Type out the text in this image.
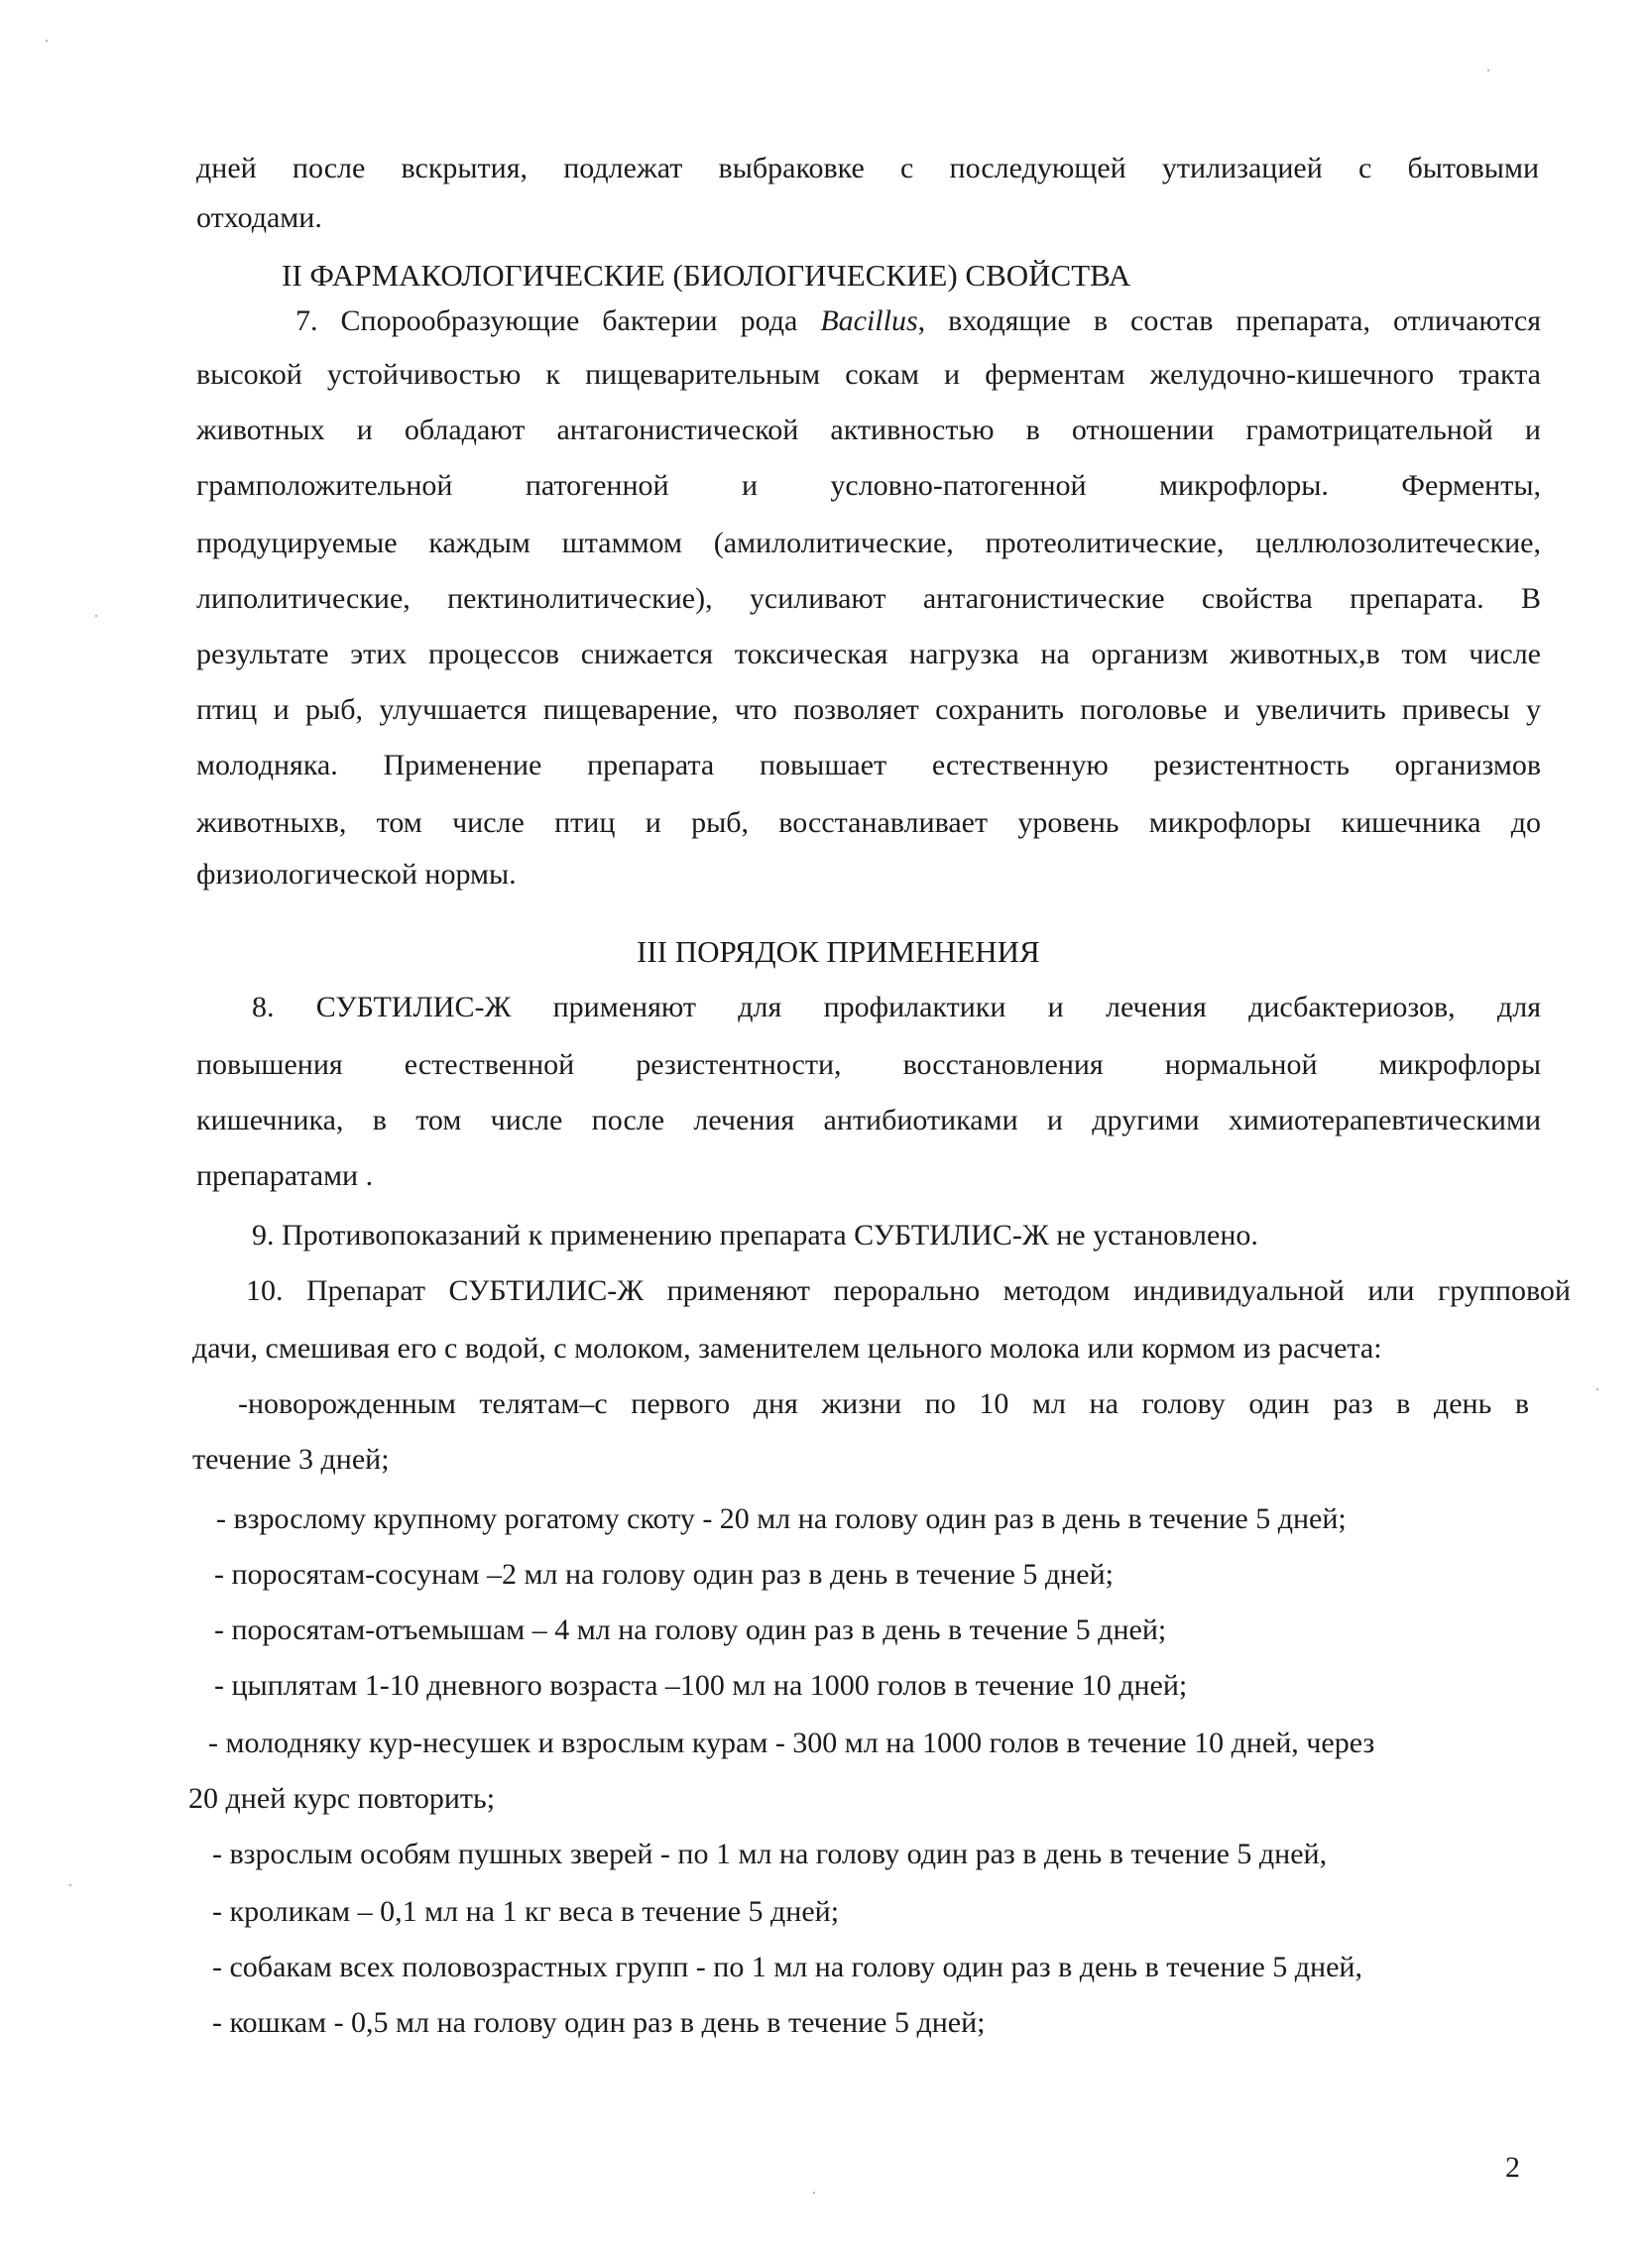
дней после вскрытия, подлежат выбраковке с последующей утилизацией с бытовыми
отходами.
II ФАРМАКОЛОГИЧЕСКИЕ (БИОЛОГИЧЕСКИЕ) СВОЙСТВА
7. Спорообразующие бактерии рода Bacillus, входящие в состав препарата, отличаются
высокой устойчивостью к пищеварительным сокам и ферментам желудочно-кишечного тракта
животных и обладают антагонистической активностью в отношении грамотрицательной и
грамположительной патогенной и условно-патогенной микрофлоры. Ферменты,
продуцируемые каждым штаммом (амилолитические, протеолитические, целлюлозолитеческие,
липолитические, пектинолитические), усиливают антагонистические свойства препарата. В
результате этих процессов снижается токсическая нагрузка на организм животных,в том числе
птиц и рыб, улучшается пищеварение, что позволяет сохранить поголовье и увеличить привесы у
молодняка. Применение препарата повышает естественную резистентность организмов
животныхв, том числе птиц и рыб, восстанавливает уровень микрофлоры кишечника до
физиологической нормы.
III ПОРЯДОК ПРИМЕНЕНИЯ
8. СУБТИЛИС-Ж применяют для профилактики и лечения дисбактериозов, для
повышения естественной резистентности, восстановления нормальной микрофлоры
кишечника, в том числе после лечения антибиотиками и другими химиотерапевтическими
препаратами .
9. Противопоказаний к применению препарата СУБТИЛИС-Ж не установлено.
10. Препарат СУБТИЛИС-Ж применяют перорально методом индивидуальной или групповой
дачи, смешивая его с водой, с молоком, заменителем цельного молока или кормом из расчета:
-новорожденным телятам–с первого дня жизни по 10 мл на голову один раз в день в
течение 3 дней;
- взрослому крупному рогатому скоту - 20 мл на голову один раз в день в течение 5 дней;
- поросятам-сосунам –2 мл на голову один раз в день в течение 5 дней;
- поросятам-отъемышам – 4 мл на голову один раз в день в течение 5 дней;
- цыплятам 1-10 дневного возраста –100 мл на 1000 голов в течение 10 дней;
- молодняку кур-несушек и взрослым курам - 300 мл на 1000 голов в течение 10 дней, через
20 дней курс повторить;
- взрослым особям пушных зверей - по 1 мл на голову один раз в день в течение 5 дней,
- кроликам – 0,1 мл на 1 кг веса в течение 5 дней;
- собакам всех половозрастных групп - по 1 мл на голову один раз в день в течение 5 дней,
- кошкам - 0,5 мл на голову один раз в день в течение 5 дней;
2
